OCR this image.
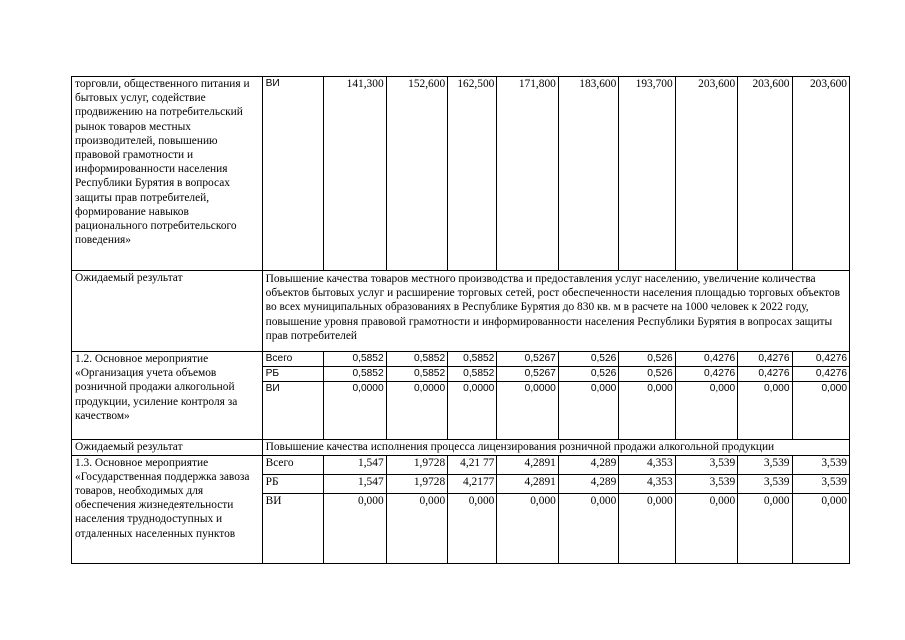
торговли, общественного питания и бытовых услуг, содействие продвижению на потребительский рынок товаров местных производителей, повышению правовой грамотности и информированности населения Республики Бурятия в вопросах защиты прав потребителей, формирование навыков рационального потребительского поведения»	ВИ	141,300	152,600	162,500	171,800	183,600	193,700	203,600	203,600	203,600
Ожидаемый результат	Повышение качества товаров местного производства и предоставления услуг населению, увеличение количества объектов бытовых услуг и расширение торговых сетей, рост обеспеченности населения площадью торговых объектов во всех муниципальных образованиях в Республике Бурятия до 830 кв. м в расчете на 1000 человек к 2022 году, повышение уровня правовой грамотности и информированности населения Республики Бурятия в вопросах защиты прав потребителей									
1.2. Основное мероприятие «Организация учета объемов розничной продажи алкогольной продукции, усиление контроля за качеством»	Всего	0,5852	0,5852	0,5852	0,5267	0,526	0,526	0,4276	0,4276	0,4276
	РБ	0,5852	0,5852	0,5852	0,5267	0,526	0,526	0,4276	0,4276	0,4276
	ВИ	0,0000	0,0000	0,0000	0,0000	0,000	0,000	0,000	0,000	0,000
Ожидаемый результат	Повышение качества исполнения процесса лицензирования розничной продажи алкогольной продукции									
1.3. Основное мероприятие «Государственная поддержка завоза товаров, необходимых для обеспечения жизнедеятельности населения труднодоступных и отдаленных населенных пунктов	Всего	1,547	1,9728	4,21 77	4,2891	4,289	4,353	3,539	3,539	3,539
	РБ	1,547	1,9728	4,2177	4,2891	4,289	4,353	3,539	3,539	3,539
	ВИ	0,000	0,000	0,000	0,000	0,000	0,000	0,000	0,000	0,000
